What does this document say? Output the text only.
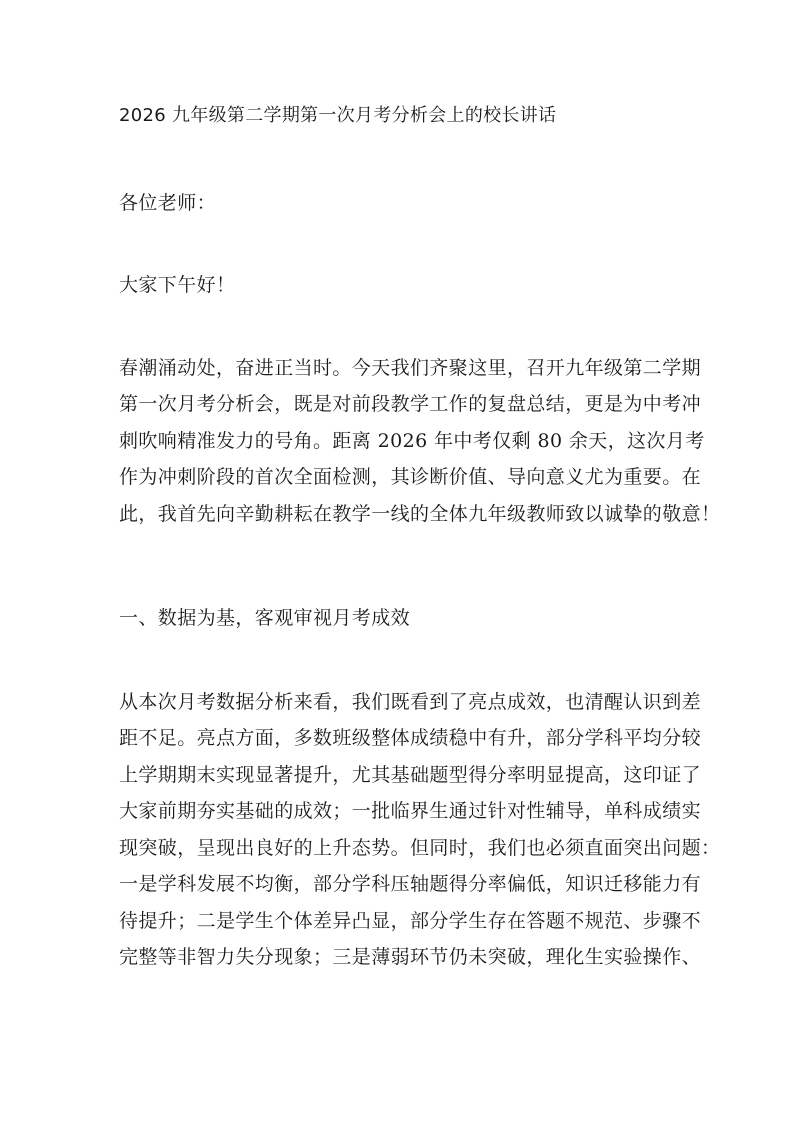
2026 九年级第二学期第一次月考分析会上的校长讲话
各位老师：
大家下午好！
春潮涌动处，奋进正当时。今天我们齐聚这里，召开九年级第二学期
第一次月考分析会，既是对前段教学工作的复盘总结，更是为中考冲
刺吹响精准发力的号角。距离 2026 年中考仅剩 80 余天，这次月考
作为冲刺阶段的首次全面检测，其诊断价值、导向意义尤为重要。在
此，我首先向辛勤耕耘在教学一线的全体九年级教师致以诚挚的敬意！
一、数据为基，客观审视月考成效
从本次月考数据分析来看，我们既看到了亮点成效，也清醒认识到差
距不足。亮点方面，多数班级整体成绩稳中有升，部分学科平均分较
上学期期末实现显著提升，尤其基础题型得分率明显提高，这印证了
大家前期夯实基础的成效；一批临界生通过针对性辅导，单科成绩实
现突破，呈现出良好的上升态势。但同时，我们也必须直面突出问题：
一是学科发展不均衡，部分学科压轴题得分率偏低，知识迁移能力有
待提升；二是学生个体差异凸显，部分学生存在答题不规范、步骤不
完整等非智力失分现象；三是薄弱环节仍未突破，理化生实验操作、
